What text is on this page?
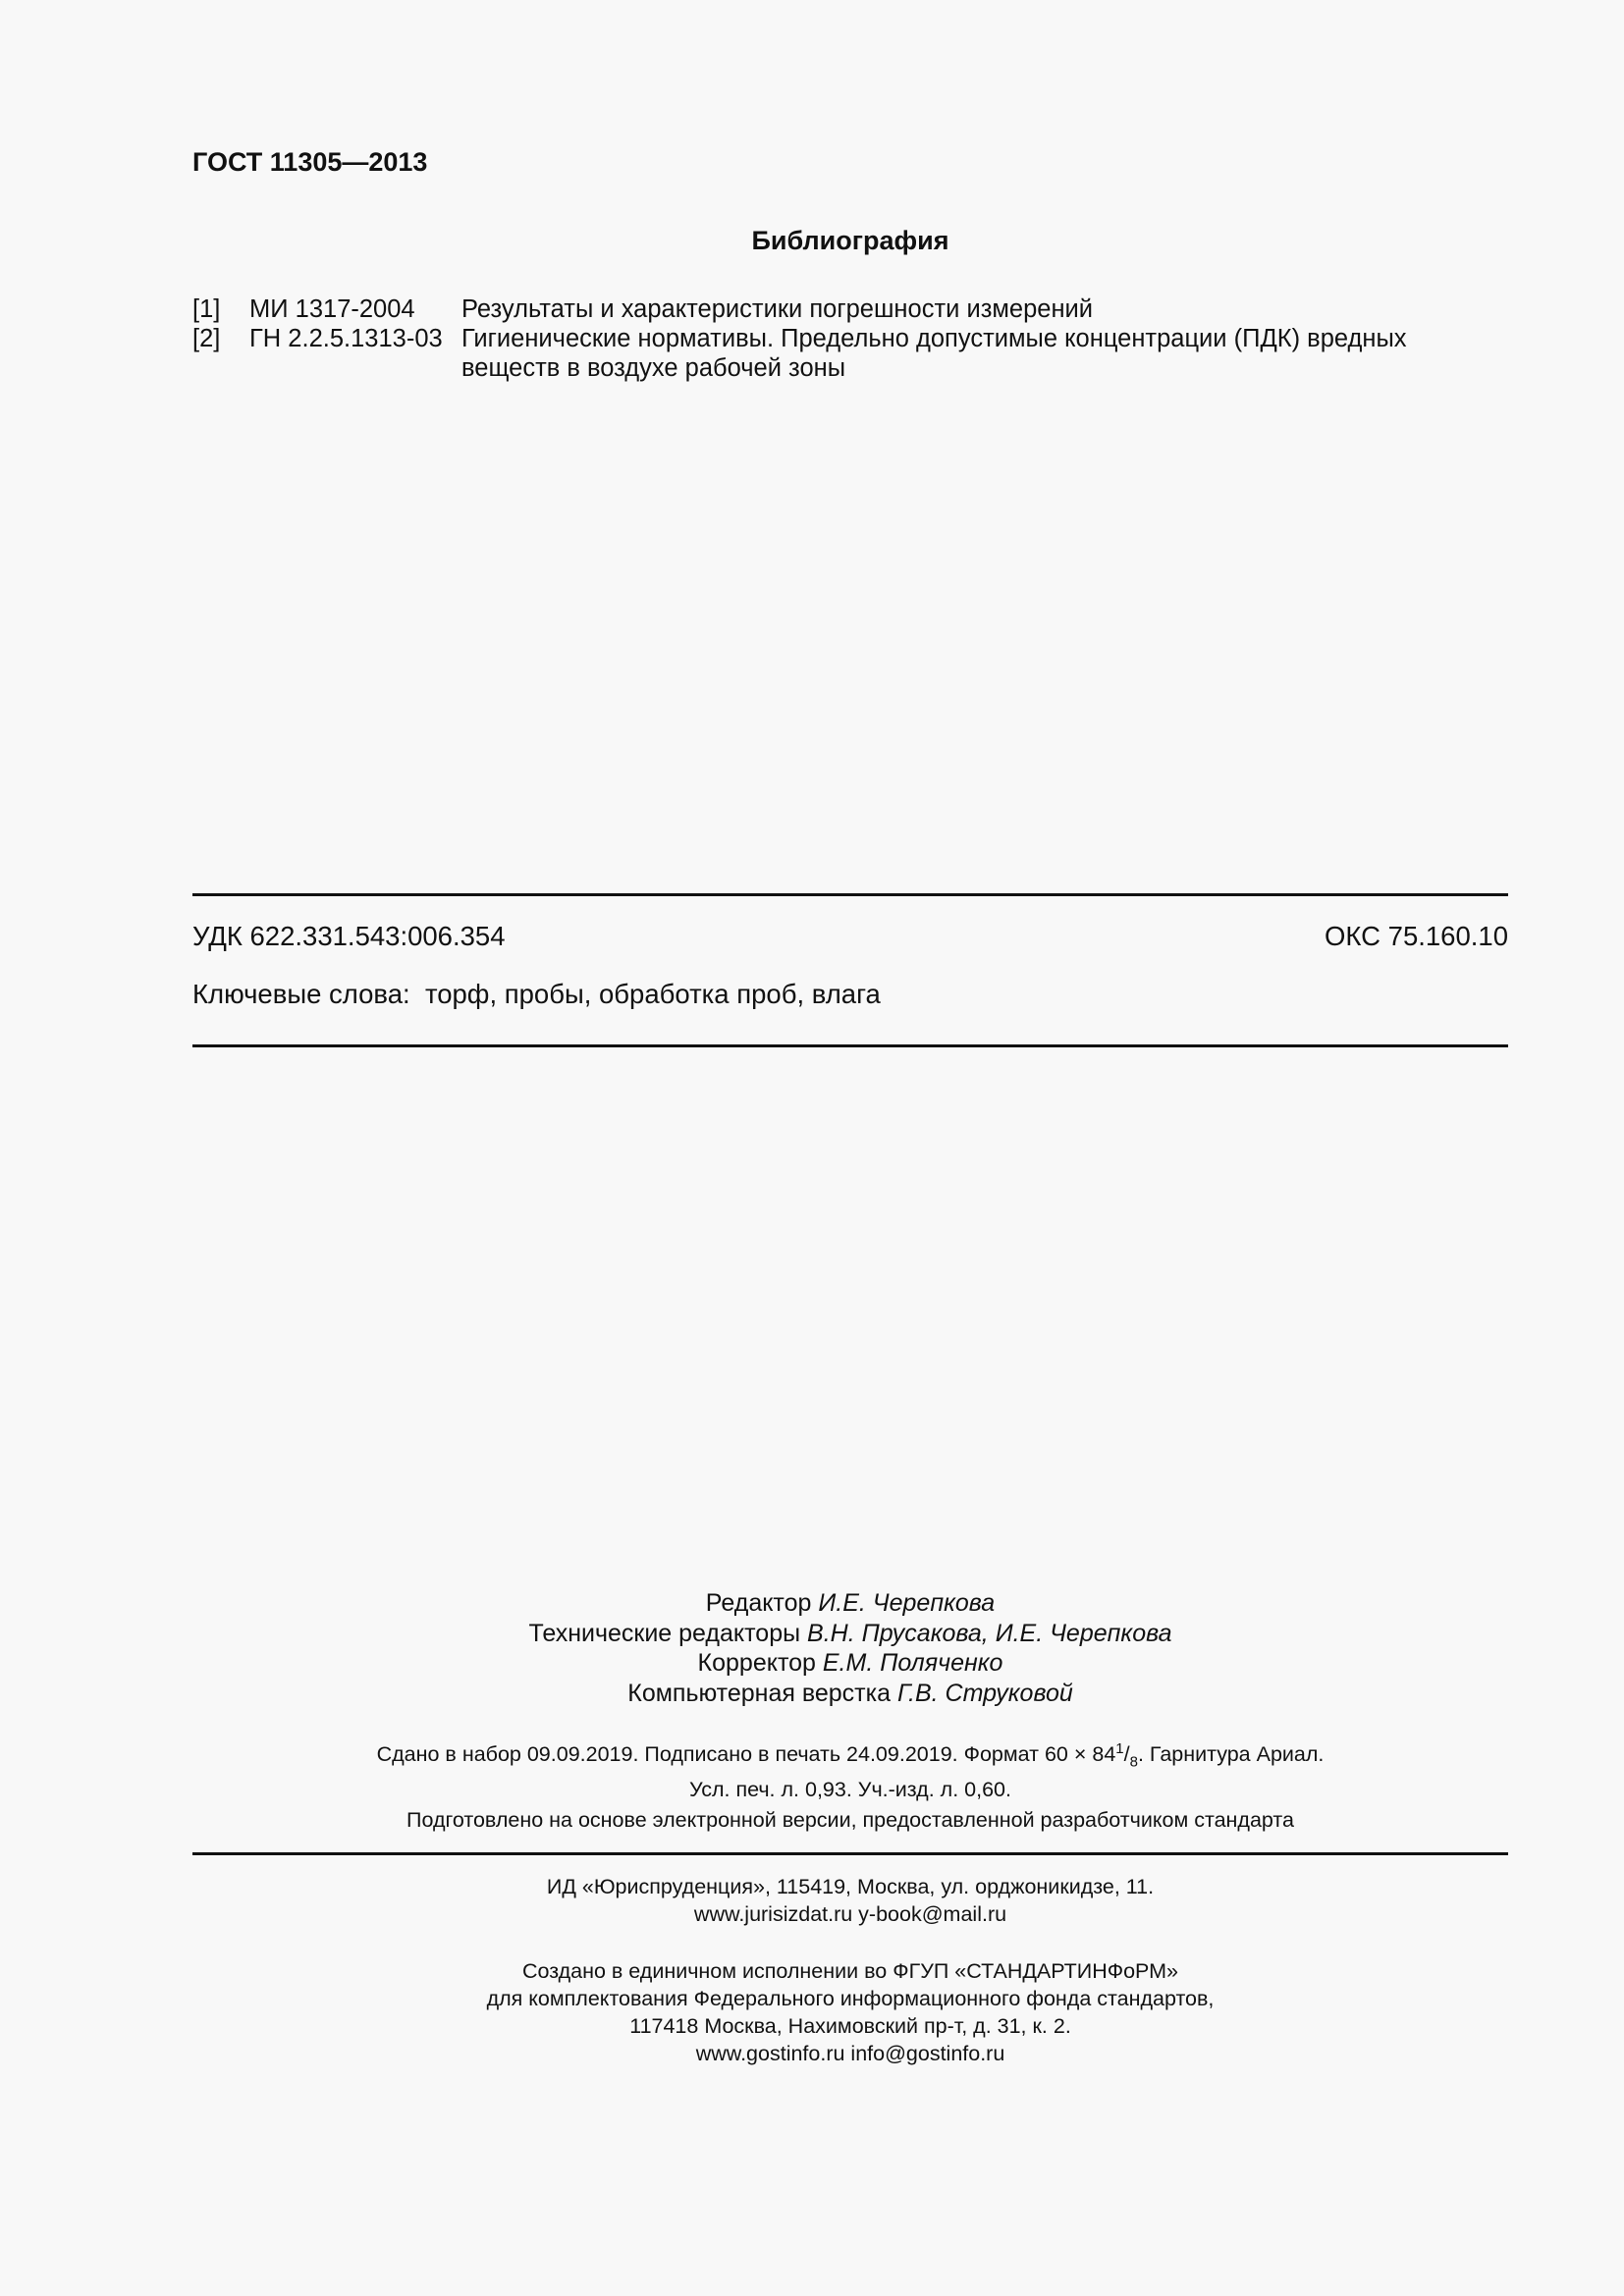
ГОСТ 11305—2013
Библиография
[1] МИ 1317-2004 Результаты и характеристики погрешности измерений
[2] ГН 2.2.5.1313-03 Гигиенические нормативы. Предельно допустимые концентрации (ПДК) вредных веществ в воздухе рабочей зоны
УДК 622.331.543:006.354	ОКС 75.160.10
Ключевые слова: торф, пробы, обработка проб, влага
Редактор И.Е. Черепкова
Технические редакторы В.Н. Прусакова, И.Е. Черепкова
Корректор Е.М. Поляченко
Компьютерная верстка Г.В. Струковой
Сдано в набор 09.09.2019. Подписано в печать 24.09.2019. Формат $60 \times 84^1/_8$. Гарнитура Ариал.
Усл. печ. л. 0,93. Уч.-изд. л. 0,60.
Подготовлено на основе электронной версии, предоставленной разработчиком стандарта
ИД «Юриспруденция», 115419, Москва, ул. орджоникидзе, 11.
www.jurisizdat.ru y-book@mail.ru
Создано в единичном исполнении во ФГУП «СТАНДАРТИНФоРМ»
для комплектования Федерального информационного фонда стандартов,
117418 Москва, Нахимовский пр-т, д. 31, к. 2.
www.gostinfo.ru info@gostinfo.ru
